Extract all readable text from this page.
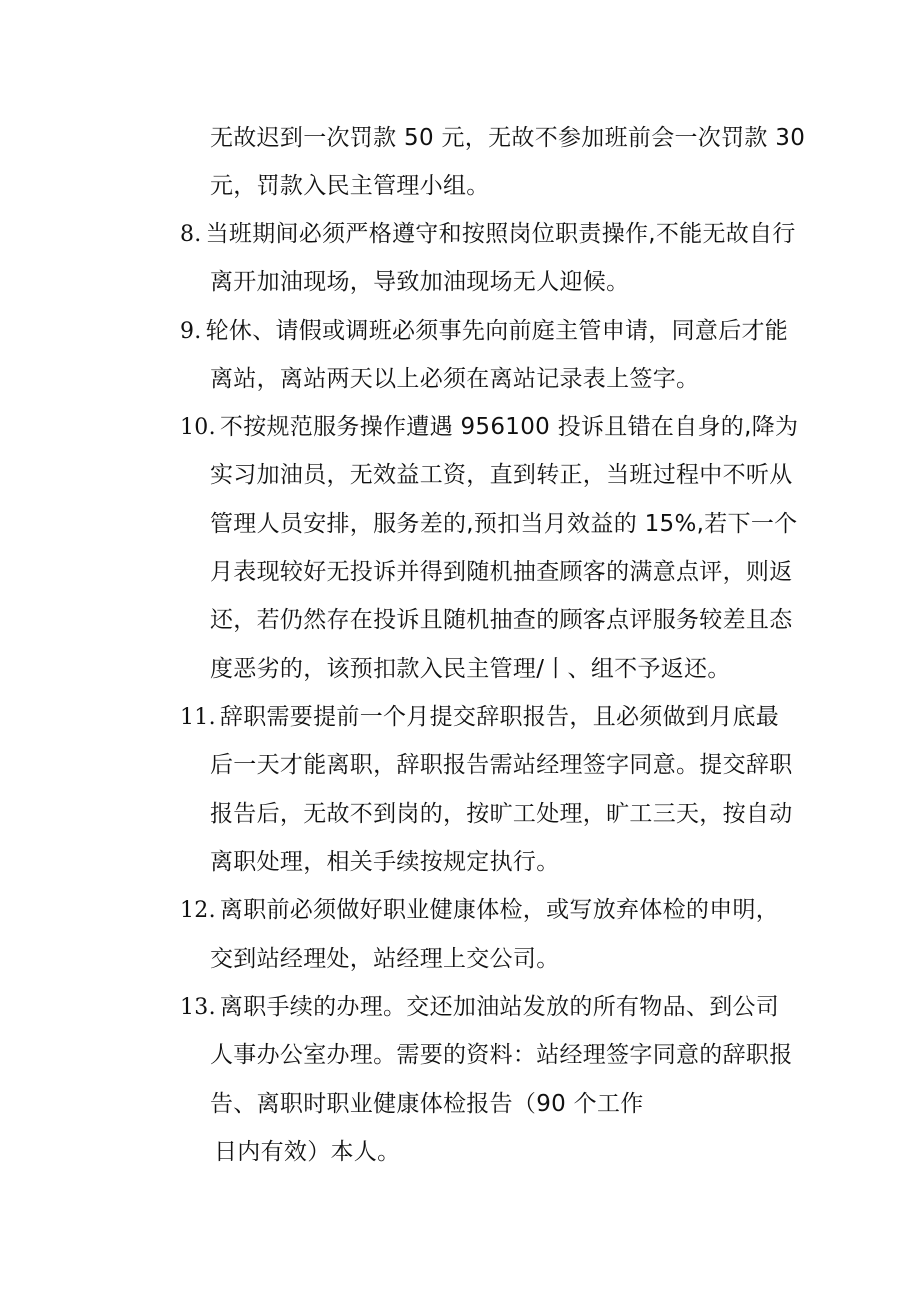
无故迟到一次罚款 50 元，无故不参加班前会一次罚款 30
元，罚款入民主管理小组。
8. 当班期间必须严格遵守和按照岗位职责操作,不能无故自行
离开加油现场，导致加油现场无人迎候。
9. 轮休、请假或调班必须事先向前庭主管申请，同意后才能
离站，离站两天以上必须在离站记录表上签字。
10. 不按规范服务操作遭遇 956100 投诉且错在自身的,降为
实习加油员，无效益工资，直到转正，当班过程中不听从
管理人员安排，服务差的,预扣当月效益的 15%,若下一个
月表现较好无投诉并得到随机抽查顾客的满意点评，则返
还，若仍然存在投诉且随机抽查的顾客点评服务较差且态
度恶劣的，该预扣款入民主管理/丨、组不予返还。
11. 辞职需要提前一个月提交辞职报告，且必须做到月底最
后一天才能离职，辞职报告需站经理签字同意。提交辞职
报告后，无故不到岗的，按旷工处理，旷工三天，按自动
离职处理，相关手续按规定执行。
12. 离职前必须做好职业健康体检，或写放弃体检的申明，
交到站经理处，站经理上交公司。
13. 离职手续的办理。交还加油站发放的所有物品、到公司
人事办公室办理。需要的资料：站经理签字同意的辞职报
告、离职时职业健康体检报告（90 个工作
日内有效）本人。
